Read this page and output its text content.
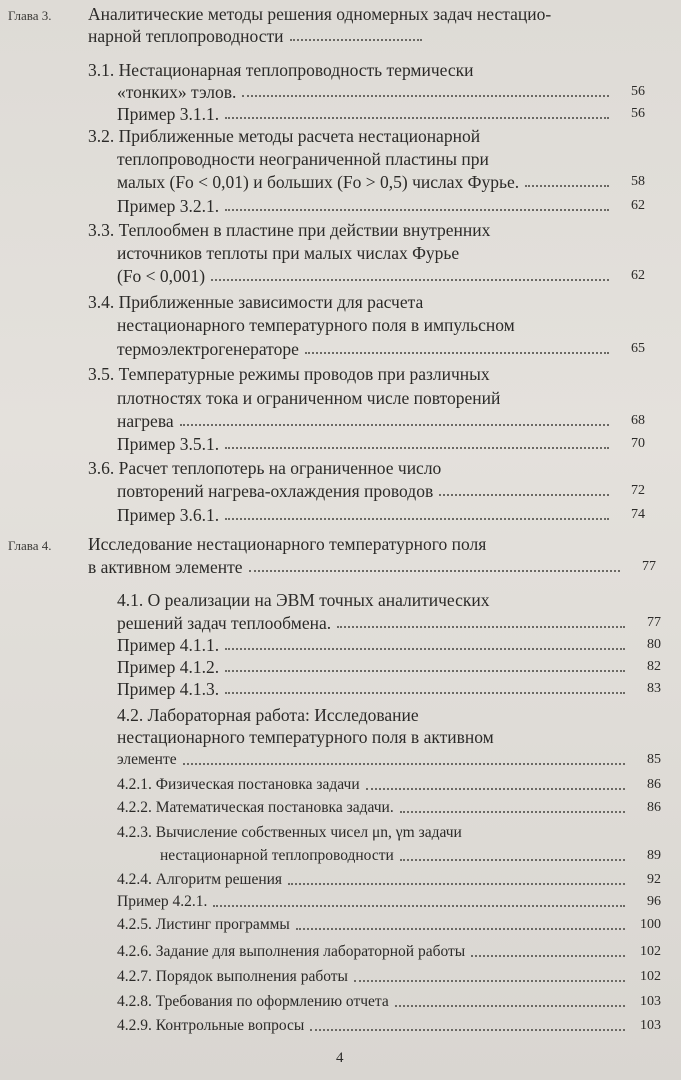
Глава 3. Аналитические методы решения одномерных задач нестацио-
нарной теплопроводности
3.1. Нестационарная теплопроводность термически
«тонких» тэлов.	56
Пример 3.1.1.	56
3.2. Приближенные методы расчета нестационарной
теплопроводности неограниченной пластины при
малых (Fo < 0,01) и больших (Fo > 0,5) числах Фурье.	58
Пример 3.2.1.	62
3.3. Теплообмен в пластине при действии внутренних
источников теплоты при малых числах Фурье
(Fo < 0,001)	62
3.4. Приближенные зависимости для расчета
нестационарного температурного поля в импульсном
термоэлектрогенераторе	65
3.5. Температурные режимы проводов при различных
плотностях тока и ограниченном числе повторений
нагрева	68
Пример 3.5.1.	70
3.6. Расчет теплопотерь на ограниченное число
повторений нагрева-охлаждения проводов	72
Пример 3.6.1.	74
Глава 4. Исследование нестационарного температурного поля
в активном элементе	77
4.1. О реализации на ЭВМ точных аналитических
решений задач теплообмена.	77
Пример 4.1.1.	80
Пример 4.1.2.	82
Пример 4.1.3.	83
4.2. Лабораторная работа: Исследование
нестационарного температурного поля в активном
элементе	85
4.2.1. Физическая постановка задачи	86
4.2.2. Математическая постановка задачи.	86
4.2.3. Вычисление собственных чисел μn, γm задачи
нестационарной теплопроводности	89
4.2.4. Алгоритм решения	92
Пример 4.2.1.	96
4.2.5. Листинг программы	100
4.2.6. Задание для выполнения лабораторной работы	102
4.2.7. Порядок выполнения работы	102
4.2.8. Требования по оформлению отчета	103
4.2.9. Контрольные вопросы	103
4
